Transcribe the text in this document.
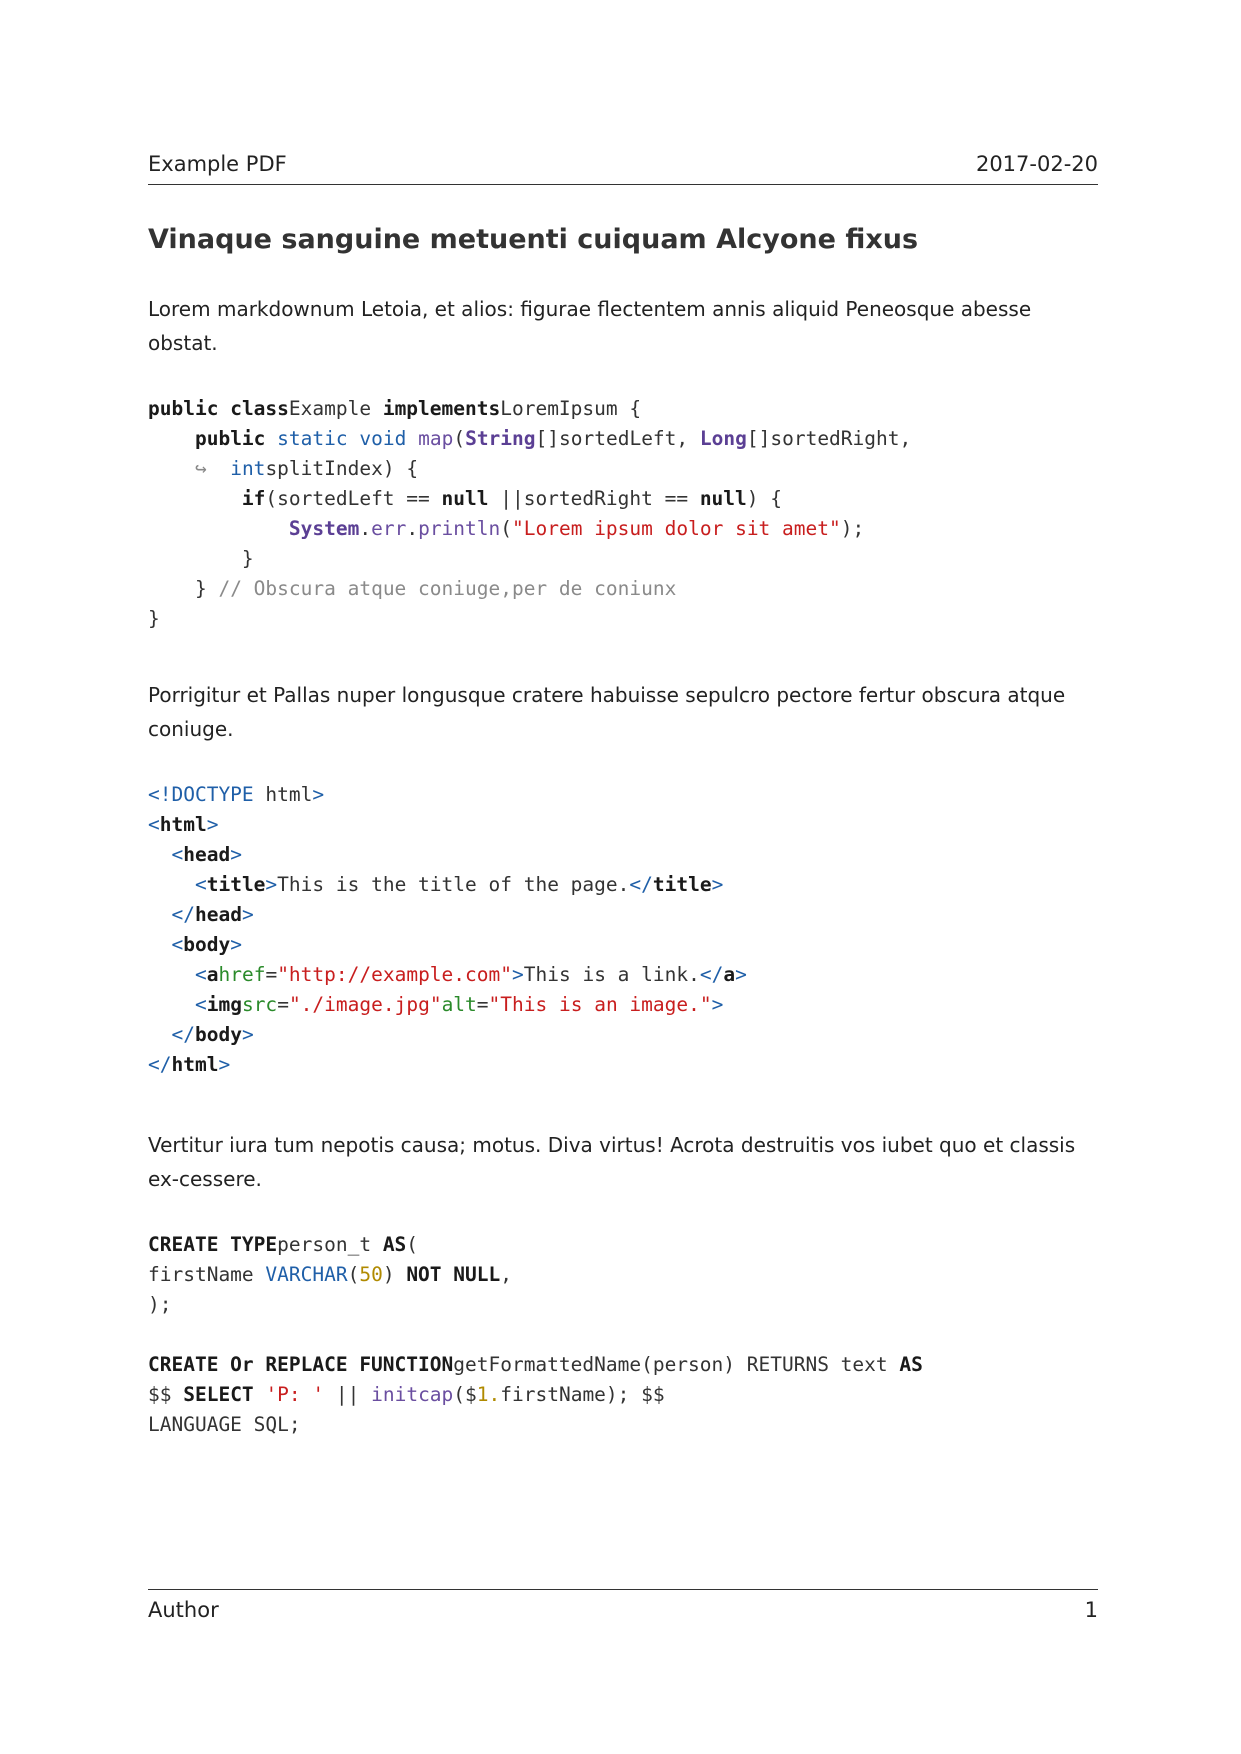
Example PDF	2017-02-20
Vinaque sanguine metuenti cuiquam Alcyone fixus

Lorem markdownum Letoia, et alios: figurae flectentem annis aliquid Peneosque abesse obstat.

public classExample implementsLoremIpsum {
public static void map(String[]sortedLeft, Long[]sortedRight,
↪ intsplitIndex) {
if(sortedLeft == null ||sortedRight == null) {
System.err.println("Lorem ipsum dolor sit amet");
}
} // Obscura atque coniuge,per de coniunx
}

Porrigitur et Pallas nuper longusque cratere habuisse sepulcro pectore fertur obscura atque coniuge.

<!DOCTYPE html>
<html>
<head>
<title>This is the title of the page.</title>
</head>
<body>
<ahref="http://example.com">This is a link.</a>
<imgsrc="./image.jpg"alt="This is an image.">
</body>
</html>

Vertitur iura tum nepotis causa; motus. Diva virtus! Acrota destruitis vos iubet quo et classis ex-cessere.

CREATE TYPEperson_t AS(
firstName VARCHAR(50) NOT NULL,
);

CREATE Or REPLACE FUNCTIONgetFormattedName(person) RETURNS text AS
$$ SELECT 'P: ' || initcap($1.firstName); $$
LANGUAGE SQL;
Author	1
